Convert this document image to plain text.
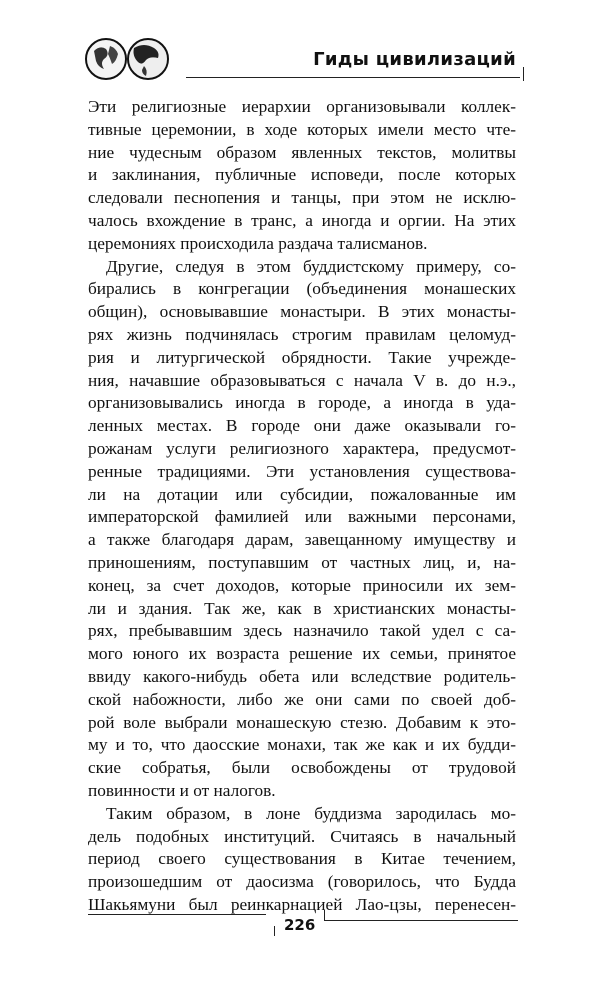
Гиды цивилизаций
Эти религиозные иерархии организовывали коллек-
тивные церемонии, в ходе которых имели место чте-
ние чудесным образом явленных текстов, молитвы
и заклинания, публичные исповеди, после которых
следовали песнопения и танцы, при этом не исклю-
чалось вхождение в транс, а иногда и оргии. На этих
церемониях происходила раздача талисманов.
Другие, следуя в этом буддистскому примеру, со-
бирались в конгрегации (объединения монашеских
общин), основывавшие монастыри. В этих монасты-
рях жизнь подчинялась строгим правилам целомуд-
рия и литургической обрядности. Такие учрежде-
ния, начавшие образовываться с начала V в. до н.э.,
организовывались иногда в городе, а иногда в уда-
ленных местах. В городе они даже оказывали го-
рожанам услуги религиозного характера, предусмот-
ренные традициями. Эти установления существова-
ли на дотации или субсидии, пожалованные им
императорской фамилией или важными персонами,
а также благодаря дарам, завещанному имуществу и
приношениям, поступавшим от частных лиц, и, на-
конец, за счет доходов, которые приносили их зем-
ли и здания. Так же, как в христианских монасты-
рях, пребывавшим здесь назначило такой удел с са-
мого юного их возраста решение их семьи, принятое
ввиду какого-нибудь обета или вследствие родитель-
ской набожности, либо же они сами по своей доб-
рой воле выбрали монашескую стезю. Добавим к это-
му и то, что даосские монахи, так же как и их будди-
ские собратья, были освобождены от трудовой
повинности и от налогов.
Таким образом, в лоне буддизма зародилась мо-
дель подобных институций. Считаясь в начальный
период своего существования в Китае течением,
произошедшим от даосизма (говорилось, что Будда
Шакьямуни был реинкарнацией Лао-цзы, перенесен-
226
